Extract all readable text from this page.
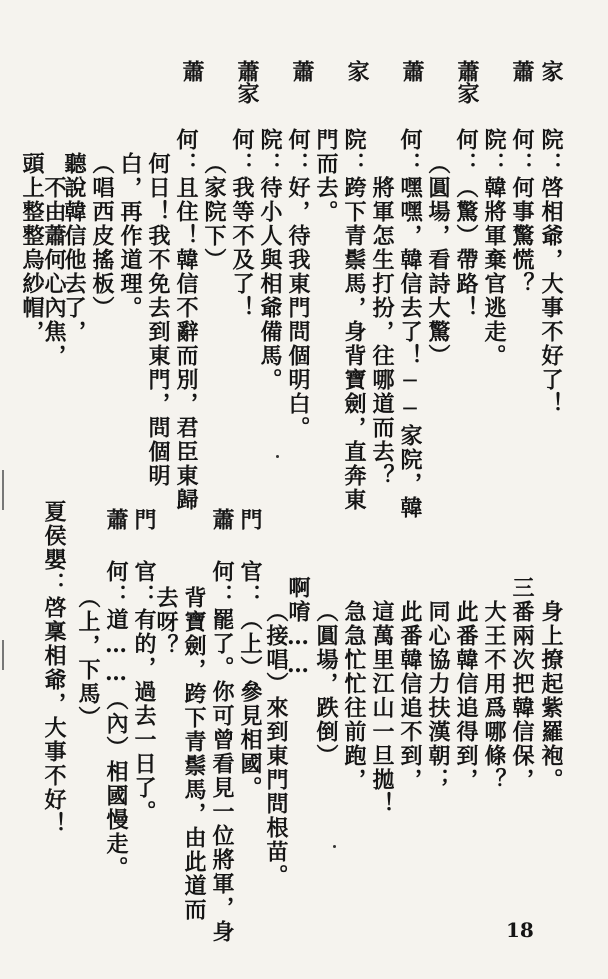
家
蕭
蕭家
蕭
家
蕭
蕭家
蕭
院：啓相爺，大事不好了！
何：何事驚慌？
院：韓將軍棄官逃走。
何：（驚）帶路！
（圓場，看詩大驚）
何：嘿嘿，韓信去了！──家院，韓
將軍怎生打扮，往哪道而去？
院：跨下青鬃馬，身背寶劍，直奔東
門而去。
何：好，待我東門問個明白。
院：待小人與相爺備馬。
何：我等不及了！
（家院下）
何：且住！韓信不辭而別，君臣東歸
何日！我不免去到東門，問個明
白，再作道理。
（唱西皮搖板）
聽說韓信他去了，
不由蕭何心內焦，
頭上整整烏紗帽，
門
蕭
門
蕭
身上撩起紫羅袍。
三番兩次把韓信保，
大王不用爲哪條？
此番韓信追得到，
同心協力扶漢朝；
此番韓信追不到，
這萬里江山一旦拋！
急急忙忙往前跑，
（圓場，跌倒）
啊唷……
（接唱）來到東門問根苗。
官：（上）參見相國。
何：罷了。你可曾看見一位將軍，身
背寶劍，跨下青鬃馬，由此道而
去呀？
官：有的，過去一日了。
何：道……（內）相國慢走。
（上，下馬）
夏侯嬰：啓稟相爺，大事不好！
18
